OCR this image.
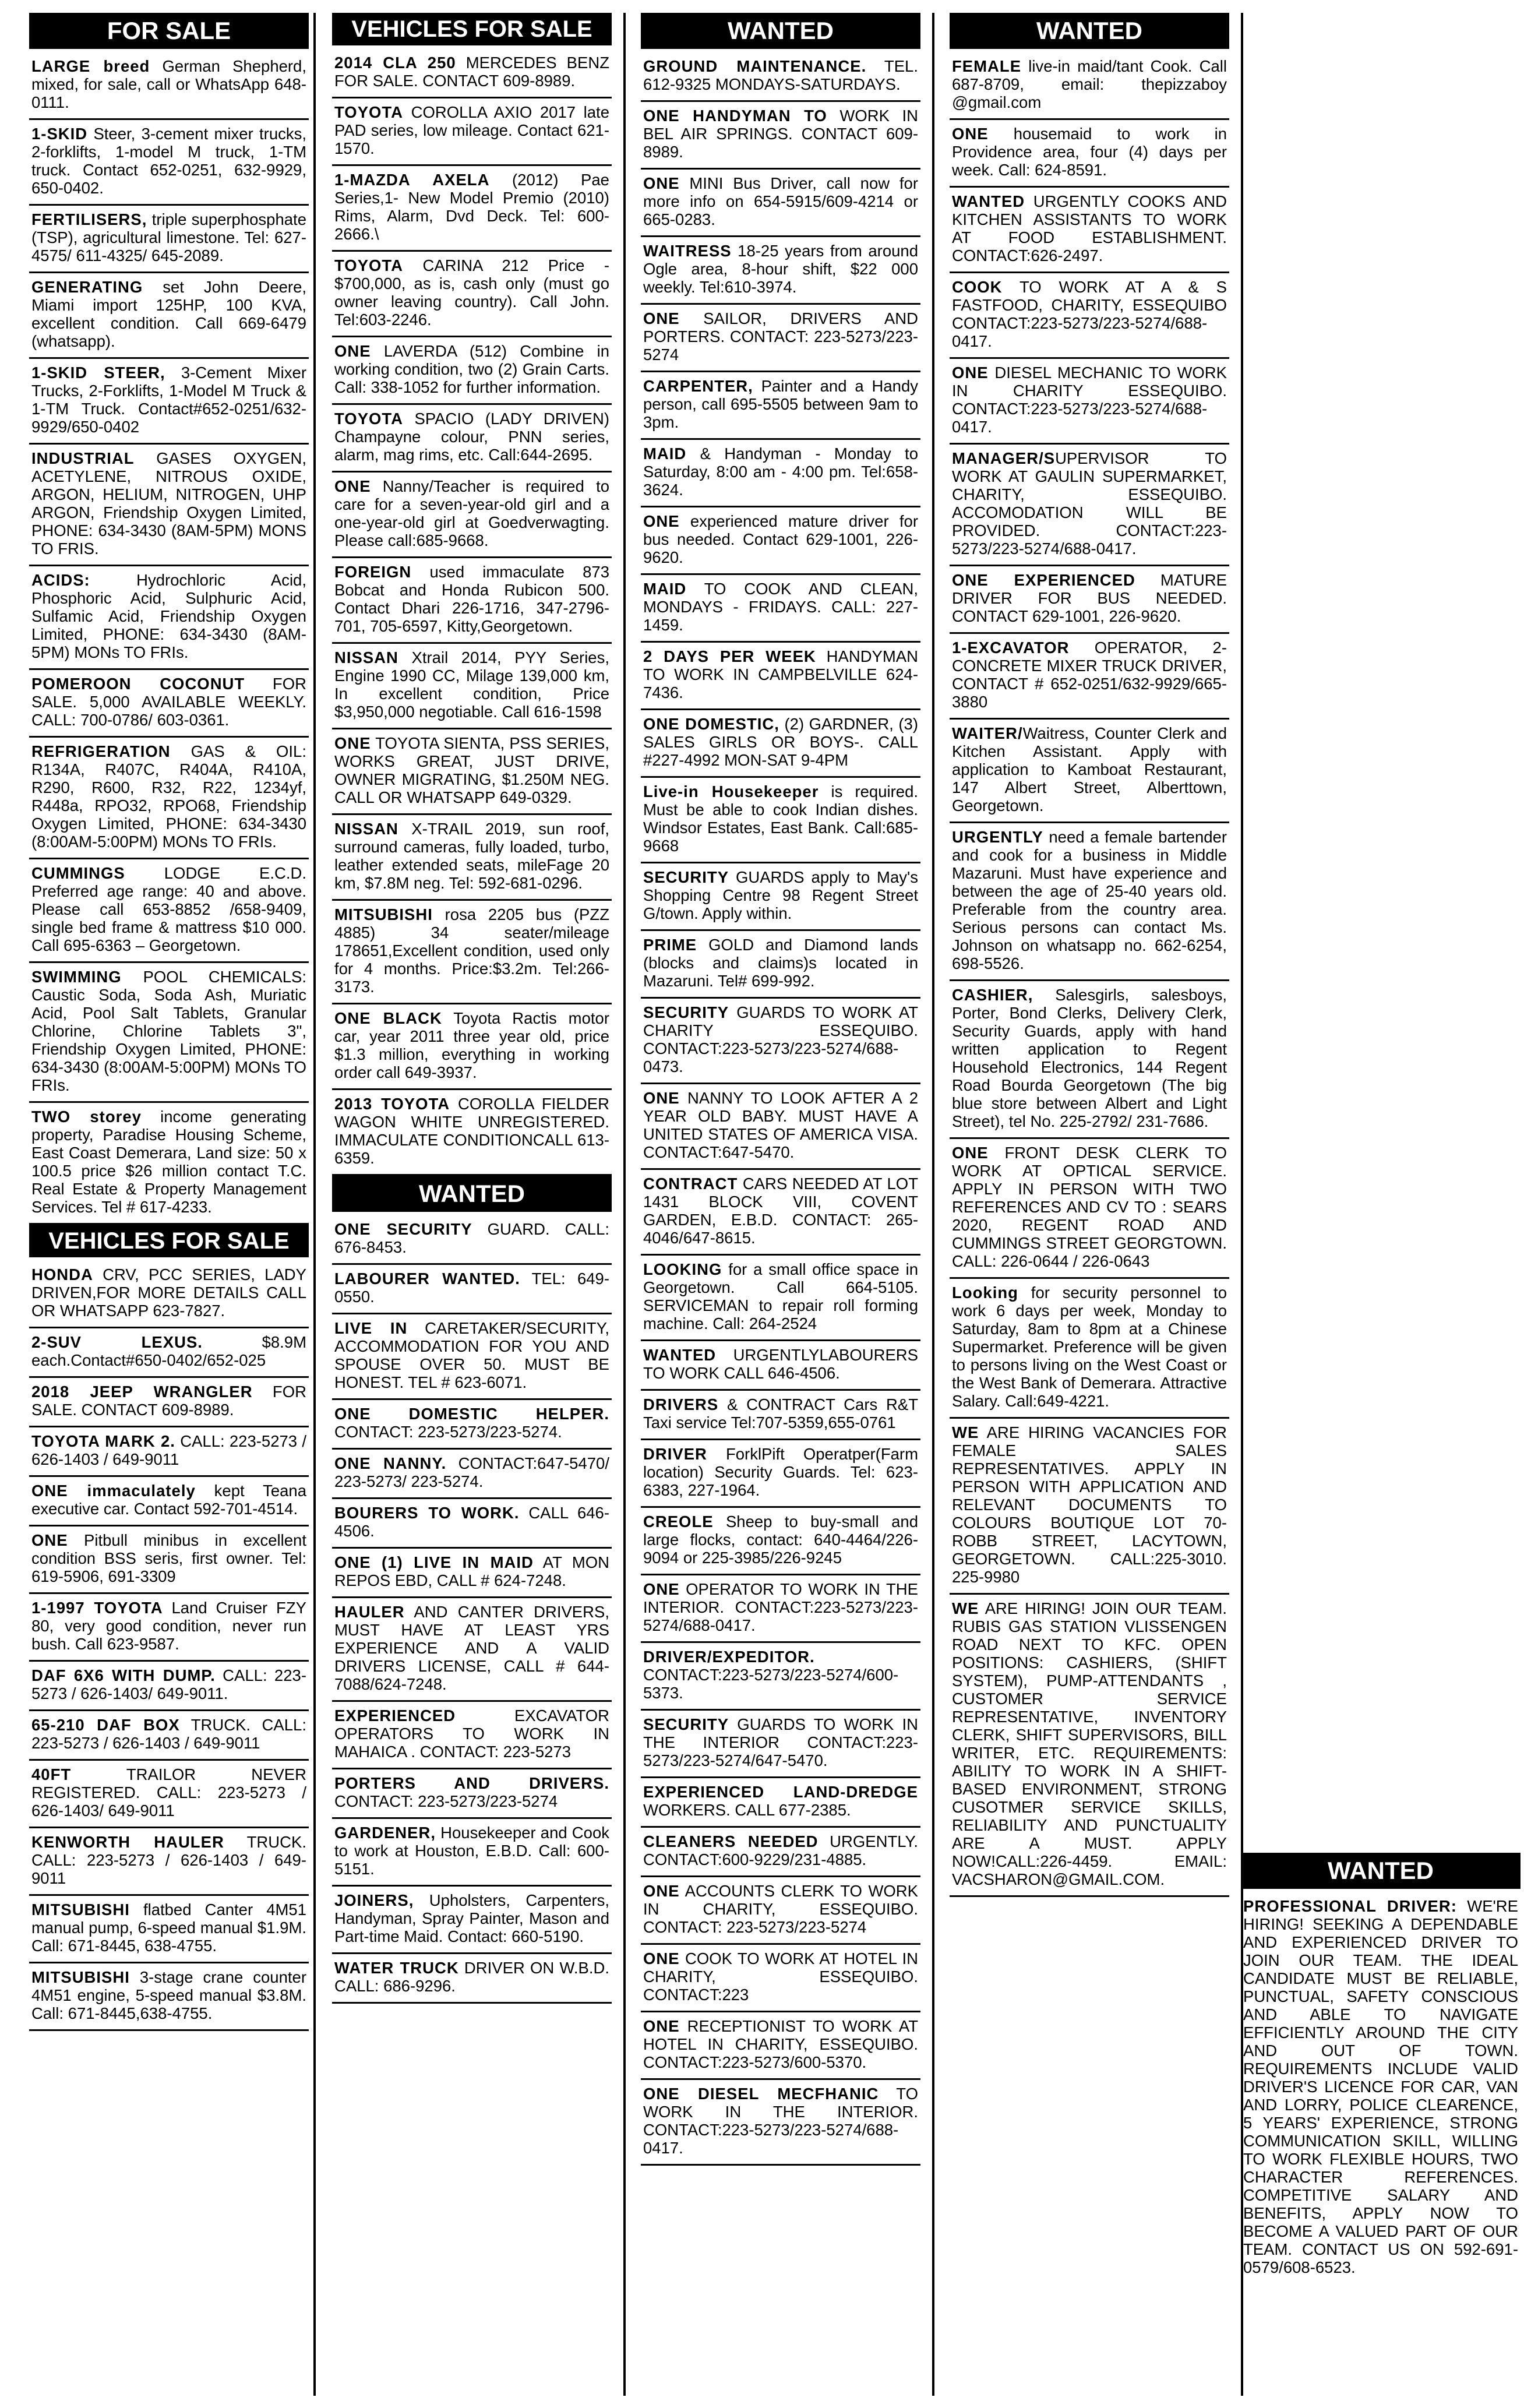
FOR SALE
LARGE breed German Shepherd, mixed, for sale, call or WhatsApp 648-0111.
1-SKID Steer, 3-cement mixer trucks, 2-forklifts, 1-model M truck, 1-TM truck. Contact 652-0251, 632-9929, 650-0402.
FERTILISERS, triple superphosphate (TSP), agricultural limestone. Tel: 627-4575/ 611-4325/ 645-2089.
GENERATING set John Deere, Miami import 125HP, 100 KVA, excellent condition. Call 669-6479 (whatsapp).
1-SKID STEER, 3-Cement Mixer Trucks, 2-Forklifts, 1-Model M Truck & 1-TM Truck. Contact#652-0251/632-9929/650-0402
INDUSTRIAL GASES OXYGEN, ACETYLENE, NITROUS OXIDE, ARGON, HELIUM, NITROGEN, UHP ARGON, Friendship Oxygen Limited, PHONE: 634-3430 (8AM-5PM) MONS TO FRIS.
ACIDS: Hydrochloric Acid, Phosphoric Acid, Sulphuric Acid, Sulfamic Acid, Friendship Oxygen Limited, PHONE: 634-3430 (8AM-5PM) MONs TO FRIs.
POMEROON COCONUT FOR SALE. 5,000 AVAILABLE WEEKLY. CALL: 700-0786/ 603-0361.
REFRIGERATION GAS & OIL: R134A, R407C, R404A, R410A, R290, R600, R32, R22, 1234yf, R448a, RPO32, RPO68, Friendship Oxygen Limited, PHONE: 634-3430 (8:00AM-5:00PM) MONs TO FRIs.
CUMMINGS LODGE E.C.D. Preferred age range: 40 and above. Please call 653-8852 /658-9409, single bed frame & mattress $10 000. Call 695-6363 – Georgetown.
SWIMMING POOL CHEMICALS: Caustic Soda, Soda Ash, Muriatic Acid, Pool Salt Tablets, Granular Chlorine, Chlorine Tablets 3", Friendship Oxygen Limited, PHONE: 634-3430 (8:00AM-5:00PM) MONs TO FRIs.
TWO storey income generating property, Paradise Housing Scheme, East Coast Demerara, Land size: 50 x 100.5 price $26 million contact T.C. Real Estate & Property Management Services. Tel # 617-4233.
VEHICLES FOR SALE
HONDA CRV, PCC SERIES, LADY DRIVEN,FOR MORE DETAILS CALL OR WHATSAPP 623-7827.
2-SUV LEXUS. $8.9M each.Contact#650-0402/652-025
2018 JEEP WRANGLER FOR SALE. CONTACT 609-8989.
TOYOTA MARK 2. CALL: 223-5273 / 626-1403 / 649-9011
ONE immaculately kept Teana executive car. Contact 592-701-4514.
ONE Pitbull minibus in excellent condition BSS seris, first owner. Tel: 619-5906, 691-3309
1-1997 TOYOTA Land Cruiser FZY 80, very good condition, never run bush. Call 623-9587.
DAF 6X6 WITH DUMP. CALL: 223-5273 / 626-1403/ 649-9011.
65-210 DAF BOX TRUCK. CALL: 223-5273 / 626-1403 / 649-9011
40FT TRAILOR NEVER REGISTERED. CALL: 223-5273 / 626-1403/ 649-9011
KENWORTH HAULER TRUCK. CALL: 223-5273 / 626-1403 / 649-9011
MITSUBISHI flatbed Canter 4M51 manual pump, 6-speed manual $1.9M. Call: 671-8445, 638-4755.
MITSUBISHI 3-stage crane counter 4M51 engine, 5-speed manual $3.8M. Call: 671-8445,638-4755.
VEHICLES FOR SALE
2014 CLA 250 MERCEDES BENZ FOR SALE. CONTACT 609-8989.
TOYOTA COROLLA AXIO 2017 late PAD series, low mileage. Contact 621-1570.
1-MAZDA AXELA (2012) Pae Series,1- New Model Premio (2010) Rims, Alarm, Dvd Deck. Tel: 600-2666.\
TOYOTA CARINA 212 Price - $700,000, as is, cash only (must go owner leaving country). Call John. Tel:603-2246.
ONE LAVERDA (512) Combine in working condition, two (2) Grain Carts. Call: 338-1052 for further information.
TOYOTA SPACIO (LADY DRIVEN) Champayne colour, PNN series, alarm, mag rims, etc. Call:644-2695.
ONE Nanny/Teacher is required to care for a seven-year-old girl and a one-year-old girl at Goedverwagting. Please call:685-9668.
FOREIGN used immaculate 873 Bobcat and Honda Rubicon 500. Contact Dhari 226-1716, 347-2796-701, 705-6597, Kitty,Georgetown.
NISSAN Xtrail 2014, PYY Series, Engine 1990 CC, Milage 139,000 km, In excellent condition, Price $3,950,000 negotiable. Call 616-1598
ONE TOYOTA SIENTA, PSS SERIES, WORKS GREAT, JUST DRIVE, OWNER MIGRATING, $1.250M NEG. CALL OR WHATSAPP 649-0329.
NISSAN X-TRAIL 2019, sun roof, surround cameras, fully loaded, turbo, leather extended seats, mileFage 20 km, $7.8M neg. Tel: 592-681-0296.
MITSUBISHI rosa 2205 bus (PZZ 4885) 34 seater/mileage 178651,Excellent condition, used only for 4 months. Price:$3.2m. Tel:266-3173.
ONE BLACK Toyota Ractis motor car, year 2011 three year old, price $1.3 million, everything in working order call 649-3937.
2013 TOYOTA COROLLA FIELDER WAGON WHITE UNREGISTERED. IMMACULATE CONDITIONCALL 613-6359.
WANTED
ONE SECURITY GUARD. CALL: 676-8453.
LABOURER WANTED. TEL: 649-0550.
LIVE IN CARETAKER/SECURITY, ACCOMMODATION FOR YOU AND SPOUSE OVER 50. MUST BE HONEST. TEL # 623-6071.
ONE DOMESTIC HELPER. CONTACT: 223-5273/223-5274.
ONE NANNY. CONTACT:647-5470/ 223-5273/ 223-5274.
BOURERS TO WORK. CALL 646-4506.
ONE (1) LIVE IN MAID AT MON REPOS EBD, CALL # 624-7248.
HAULER AND CANTER DRIVERS, MUST HAVE AT LEAST YRS EXPERIENCE AND A VALID DRIVERS LICENSE, CALL # 644-7088/624-7248.
EXPERIENCED EXCAVATOR OPERATORS TO WORK IN MAHAICA . CONTACT: 223-5273
PORTERS AND DRIVERS. CONTACT: 223-5273/223-5274
GARDENER, Housekeeper and Cook to work at Houston, E.B.D. Call: 600-5151.
JOINERS, Upholsters, Carpenters, Handyman, Spray Painter, Mason and Part-time Maid. Contact: 660-5190.
WATER TRUCK DRIVER ON W.B.D. CALL: 686-9296.
WANTED
GROUND MAINTENANCE. TEL. 612-9325 MONDAYS-SATURDAYS.
ONE HANDYMAN TO WORK IN BEL AIR SPRINGS. CONTACT 609-8989.
ONE MINI Bus Driver, call now for more info on 654-5915/609-4214 or 665-0283.
WAITRESS 18-25 years from around Ogle area, 8-hour shift, $22 000 weekly. Tel:610-3974.
ONE SAILOR, DRIVERS AND PORTERS. CONTACT: 223-5273/223-5274
CARPENTER, Painter and a Handy person, call 695-5505 between 9am to 3pm.
MAID & Handyman - Monday to Saturday, 8:00 am - 4:00 pm. Tel:658-3624.
ONE experienced mature driver for bus needed. Contact 629-1001, 226-9620.
MAID TO COOK AND CLEAN, MONDAYS - FRIDAYS. CALL: 227-1459.
2 DAYS PER WEEK HANDYMAN TO WORK IN CAMPBELVILLE 624-7436.
ONE DOMESTIC, (2) GARDNER, (3) SALES GIRLS OR BOYS-. CALL #227-4992 MON-SAT 9-4PM
Live-in Housekeeper is required. Must be able to cook Indian dishes. Windsor Estates, East Bank. Call:685-9668
SECURITY GUARDS apply to May's Shopping Centre 98 Regent Street G/town. Apply within.
PRIME GOLD and Diamond lands (blocks and claims)s located in Mazaruni. Tel# 699-992.
SECURITY GUARDS TO WORK AT CHARITY ESSEQUIBO. CONTACT:223-5273/223-5274/688-0473.
ONE NANNY TO LOOK AFTER A 2 YEAR OLD BABY. MUST HAVE A UNITED STATES OF AMERICA VISA. CONTACT:647-5470.
CONTRACT CARS NEEDED AT LOT 1431 BLOCK VIII, COVENT GARDEN, E.B.D. CONTACT: 265-4046/647-8615.
LOOKING for a small office space in Georgetown. Call 664-5105. SERVICEMAN to repair roll forming machine. Call: 264-2524
WANTED URGENTLYLABOURERS TO WORK CALL 646-4506.
DRIVERS & CONTRACT Cars R&T Taxi service Tel:707-5359,655-0761
DRIVER ForklPift Operatper(Farm location) Security Guards. Tel: 623-6383, 227-1964.
CREOLE Sheep to buy-small and large flocks, contact: 640-4464/226-9094 or 225-3985/226-9245
ONE OPERATOR TO WORK IN THE INTERIOR. CONTACT:223-5273/223-5274/688-0417.
DRIVER/EXPEDITOR. CONTACT:223-5273/223-5274/600-5373.
SECURITY GUARDS TO WORK IN THE INTERIOR CONTACT:223-5273/223-5274/647-5470.
EXPERIENCED LAND-DREDGE WORKERS. CALL 677-2385.
CLEANERS NEEDED URGENTLY. CONTACT:600-9229/231-4885.
ONE ACCOUNTS CLERK TO WORK IN CHARITY, ESSEQUIBO. CONTACT: 223-5273/223-5274
ONE COOK TO WORK AT HOTEL IN CHARITY, ESSEQUIBO. CONTACT:223
ONE RECEPTIONIST TO WORK AT HOTEL IN CHARITY, ESSEQUIBO. CONTACT:223-5273/600-5370.
ONE DIESEL MECFHANIC TO WORK IN THE INTERIOR. CONTACT:223-5273/223-5274/688-0417.
WANTED
FEMALE live-in maid/tant Cook. Call 687-8709, email: thepizzaboy @gmail.com
ONE housemaid to work in Providence area, four (4) days per week. Call: 624-8591.
WANTED URGENTLY COOKS AND KITCHEN ASSISTANTS TO WORK AT FOOD ESTABLISHMENT. CONTACT:626-2497.
COOK TO WORK AT A & S FASTFOOD, CHARITY, ESSEQUIBO CONTACT:223-5273/223-5274/688-0417.
ONE DIESEL MECHANIC TO WORK IN CHARITY ESSEQUIBO. CONTACT:223-5273/223-5274/688-0417.
MANAGER/SUPERVISOR TO WORK AT GAULIN SUPERMARKET, CHARITY, ESSEQUIBO. ACCOMODATION WILL BE PROVIDED. CONTACT:223-5273/223-5274/688-0417.
ONE EXPERIENCED MATURE DRIVER FOR BUS NEEDED. CONTACT 629-1001, 226-9620.
1-EXCAVATOR OPERATOR, 2- CONCRETE MIXER TRUCK DRIVER, CONTACT # 652-0251/632-9929/665-3880
WAITER/Waitress, Counter Clerk and Kitchen Assistant. Apply with application to Kamboat Restaurant, 147 Albert Street, Alberttown, Georgetown.
URGENTLY need a female bartender and cook for a business in Middle Mazaruni. Must have experience and between the age of 25-40 years old. Preferable from the country area. Serious persons can contact Ms. Johnson on whatsapp no. 662-6254, 698-5526.
CASHIER, Salesgirls, salesboys, Porter, Bond Clerks, Delivery Clerk, Security Guards, apply with hand written application to Regent Household Electronics, 144 Regent Road Bourda Georgetown (The big blue store between Albert and Light Street), tel No. 225-2792/ 231-7686.
ONE FRONT DESK CLERK TO WORK AT OPTICAL SERVICE. APPLY IN PERSON WITH TWO REFERENCES AND CV TO : SEARS 2020, REGENT ROAD AND CUMMINGS STREET GEORGTOWN. CALL: 226-0644 / 226-0643
Looking for security personnel to work 6 days per week, Monday to Saturday, 8am to 8pm at a Chinese Supermarket. Preference will be given to persons living on the West Coast or the West Bank of Demerara. Attractive Salary. Call:649-4221.
WE ARE HIRING VACANCIES FOR FEMALE SALES REPRESENTATIVES. APPLY IN PERSON WITH APPLICATION AND RELEVANT DOCUMENTS TO COLOURS BOUTIQUE LOT 70-ROBB STREET, LACYTOWN, GEORGETOWN. CALL:225-3010. 225-9980
WE ARE HIRING! JOIN OUR TEAM. RUBIS GAS STATION VLISSENGEN ROAD NEXT TO KFC. OPEN POSITIONS: CASHIERS, (SHIFT SYSTEM), PUMP-ATTENDANTS , CUSTOMER SERVICE REPRESENTATIVE, INVENTORY CLERK, SHIFT SUPERVISORS, BILL WRITER, ETC. REQUIREMENTS: ABILITY TO WORK IN A SHIFT-BASED ENVIRONMENT, STRONG CUSOTMER SERVICE SKILLS, RELIABILITY AND PUNCTUALITY ARE A MUST. APPLY NOW!CALL:226-4459. EMAIL: VACSHARON@GMAIL.COM.	WANTED
PROFESSIONAL DRIVER: WE'RE HIRING! SEEKING A DEPENDABLE AND EXPERIENCED DRIVER TO JOIN OUR TEAM. THE IDEAL CANDIDATE MUST BE RELIABLE, PUNCTUAL, SAFETY CONSCIOUS AND ABLE TO NAVIGATE EFFICIENTLY AROUND THE CITY AND OUT OF TOWN. REQUIREMENTS INCLUDE VALID DRIVER'S LICENCE FOR CAR, VAN AND LORRY, POLICE CLEARENCE, 5 YEARS' EXPERIENCE, STRONG COMMUNICATION SKILL, WILLING TO WORK FLEXIBLE HOURS, TWO CHARACTER REFERENCES. COMPETITIVE SALARY AND BENEFITS, APPLY NOW TO BECOME A VALUED PART OF OUR TEAM. CONTACT US ON 592-691-0579/608-6523.
